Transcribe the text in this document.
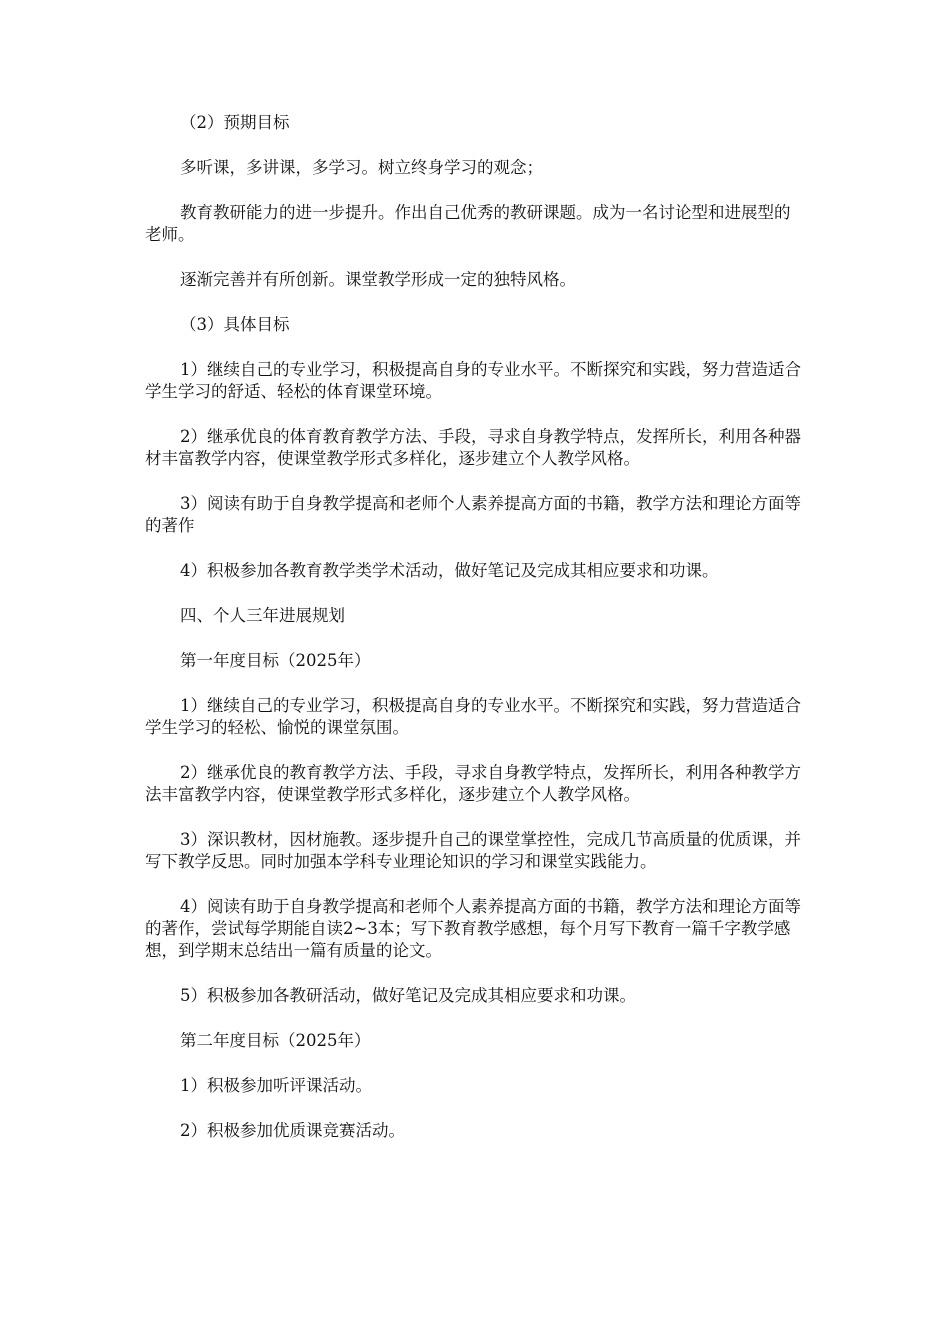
（2）预期目标

多听课，多讲课，多学习。树立终身学习的观念；

教育教研能力的进一步提升。作出自己优秀的教研课题。成为一名讨论型和进展型的老师。

逐渐完善并有所创新。课堂教学形成一定的独特风格。

（3）具体目标

1）继续自己的专业学习，积极提高自身的专业水平。不断探究和实践，努力营造适合学生学习的舒适、轻松的体育课堂环境。

2）继承优良的体育教育教学方法、手段，寻求自身教学特点，发挥所长，利用各种器材丰富教学内容，使课堂教学形式多样化，逐步建立个人教学风格。

3）阅读有助于自身教学提高和老师个人素养提高方面的书籍，教学方法和理论方面等的著作

4）积极参加各教育教学类学术活动，做好笔记及完成其相应要求和功课。

四、个人三年进展规划

第一年度目标（2025年）

1）继续自己的专业学习，积极提高自身的专业水平。不断探究和实践，努力营造适合学生学习的轻松、愉悦的课堂氛围。

2）继承优良的教育教学方法、手段，寻求自身教学特点，发挥所长，利用各种教学方法丰富教学内容，使课堂教学形式多样化，逐步建立个人教学风格。

3）深识教材，因材施教。逐步提升自己的课堂掌控性，完成几节高质量的优质课，并写下教学反思。同时加强本学科专业理论知识的学习和课堂实践能力。

4）阅读有助于自身教学提高和老师个人素养提高方面的书籍，教学方法和理论方面等的著作，尝试每学期能自读2~3本；写下教育教学感想，每个月写下教育一篇千字教学感想，到学期末总结出一篇有质量的论文。

5）积极参加各教研活动，做好笔记及完成其相应要求和功课。

第二年度目标（2025年）

1）积极参加听评课活动。

2）积极参加优质课竞赛活动。
